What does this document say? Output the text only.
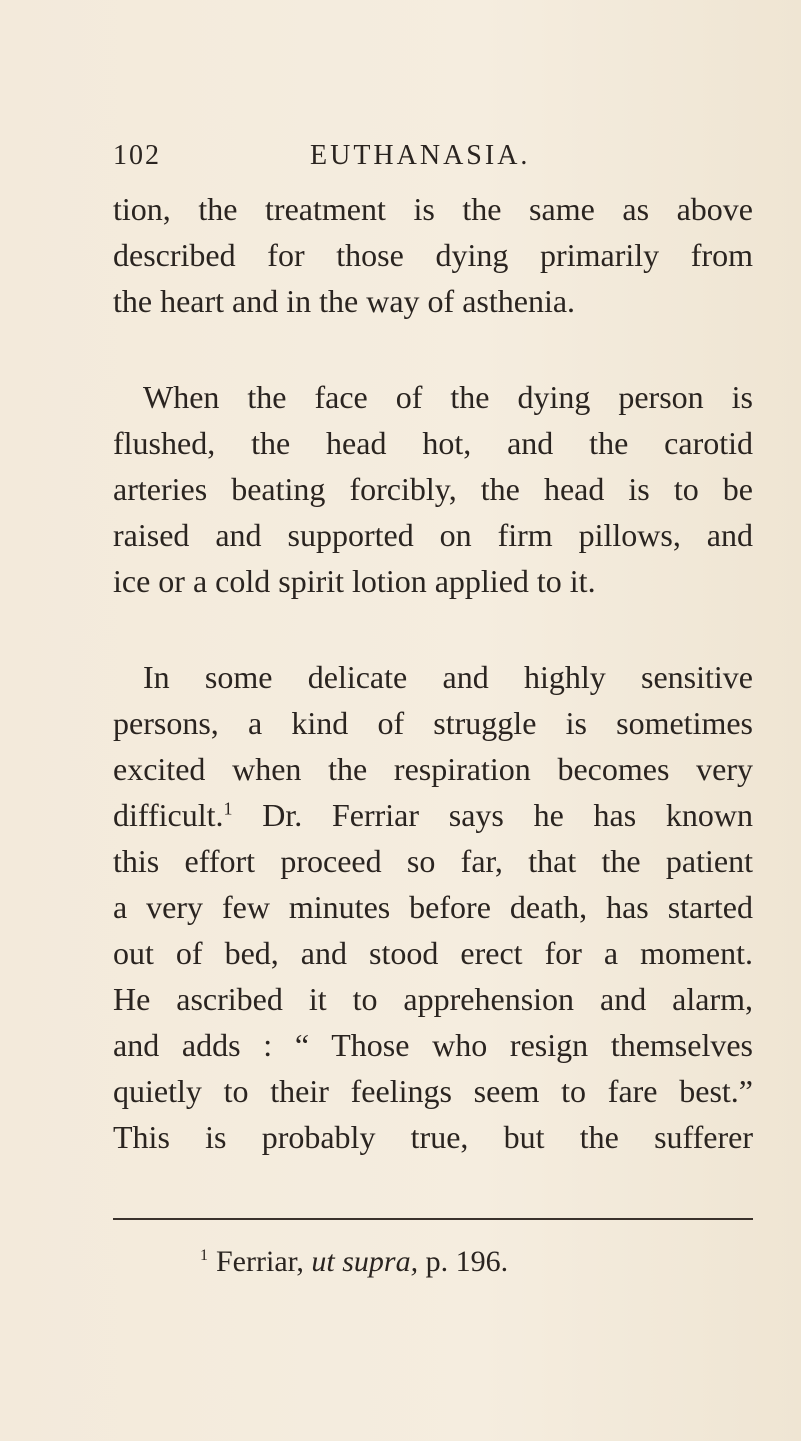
102	EUTHANASIA.
tion, the treatment is the same as above
described for those dying primarily from
the heart and in the way of asthenia.
When the face of the dying person is
flushed, the head hot, and the carotid
arteries beating forcibly, the head is to be
raised and supported on firm pillows, and
ice or a cold spirit lotion applied to it.
In some delicate and highly sensitive
persons, a kind of struggle is sometimes
excited when the respiration becomes very
difficult.$^1$ Dr. Ferriar says he has known
this effort proceed so far, that the patient
a very few minutes before death, has started
out of bed, and stood erect for a moment.
He ascribed it to apprehension and alarm,
and adds : “ Those who resign themselves
quietly to their feelings seem to fare best.”
This is probably true, but the sufferer
$^1$ Ferriar, ut supra, p. 196.
